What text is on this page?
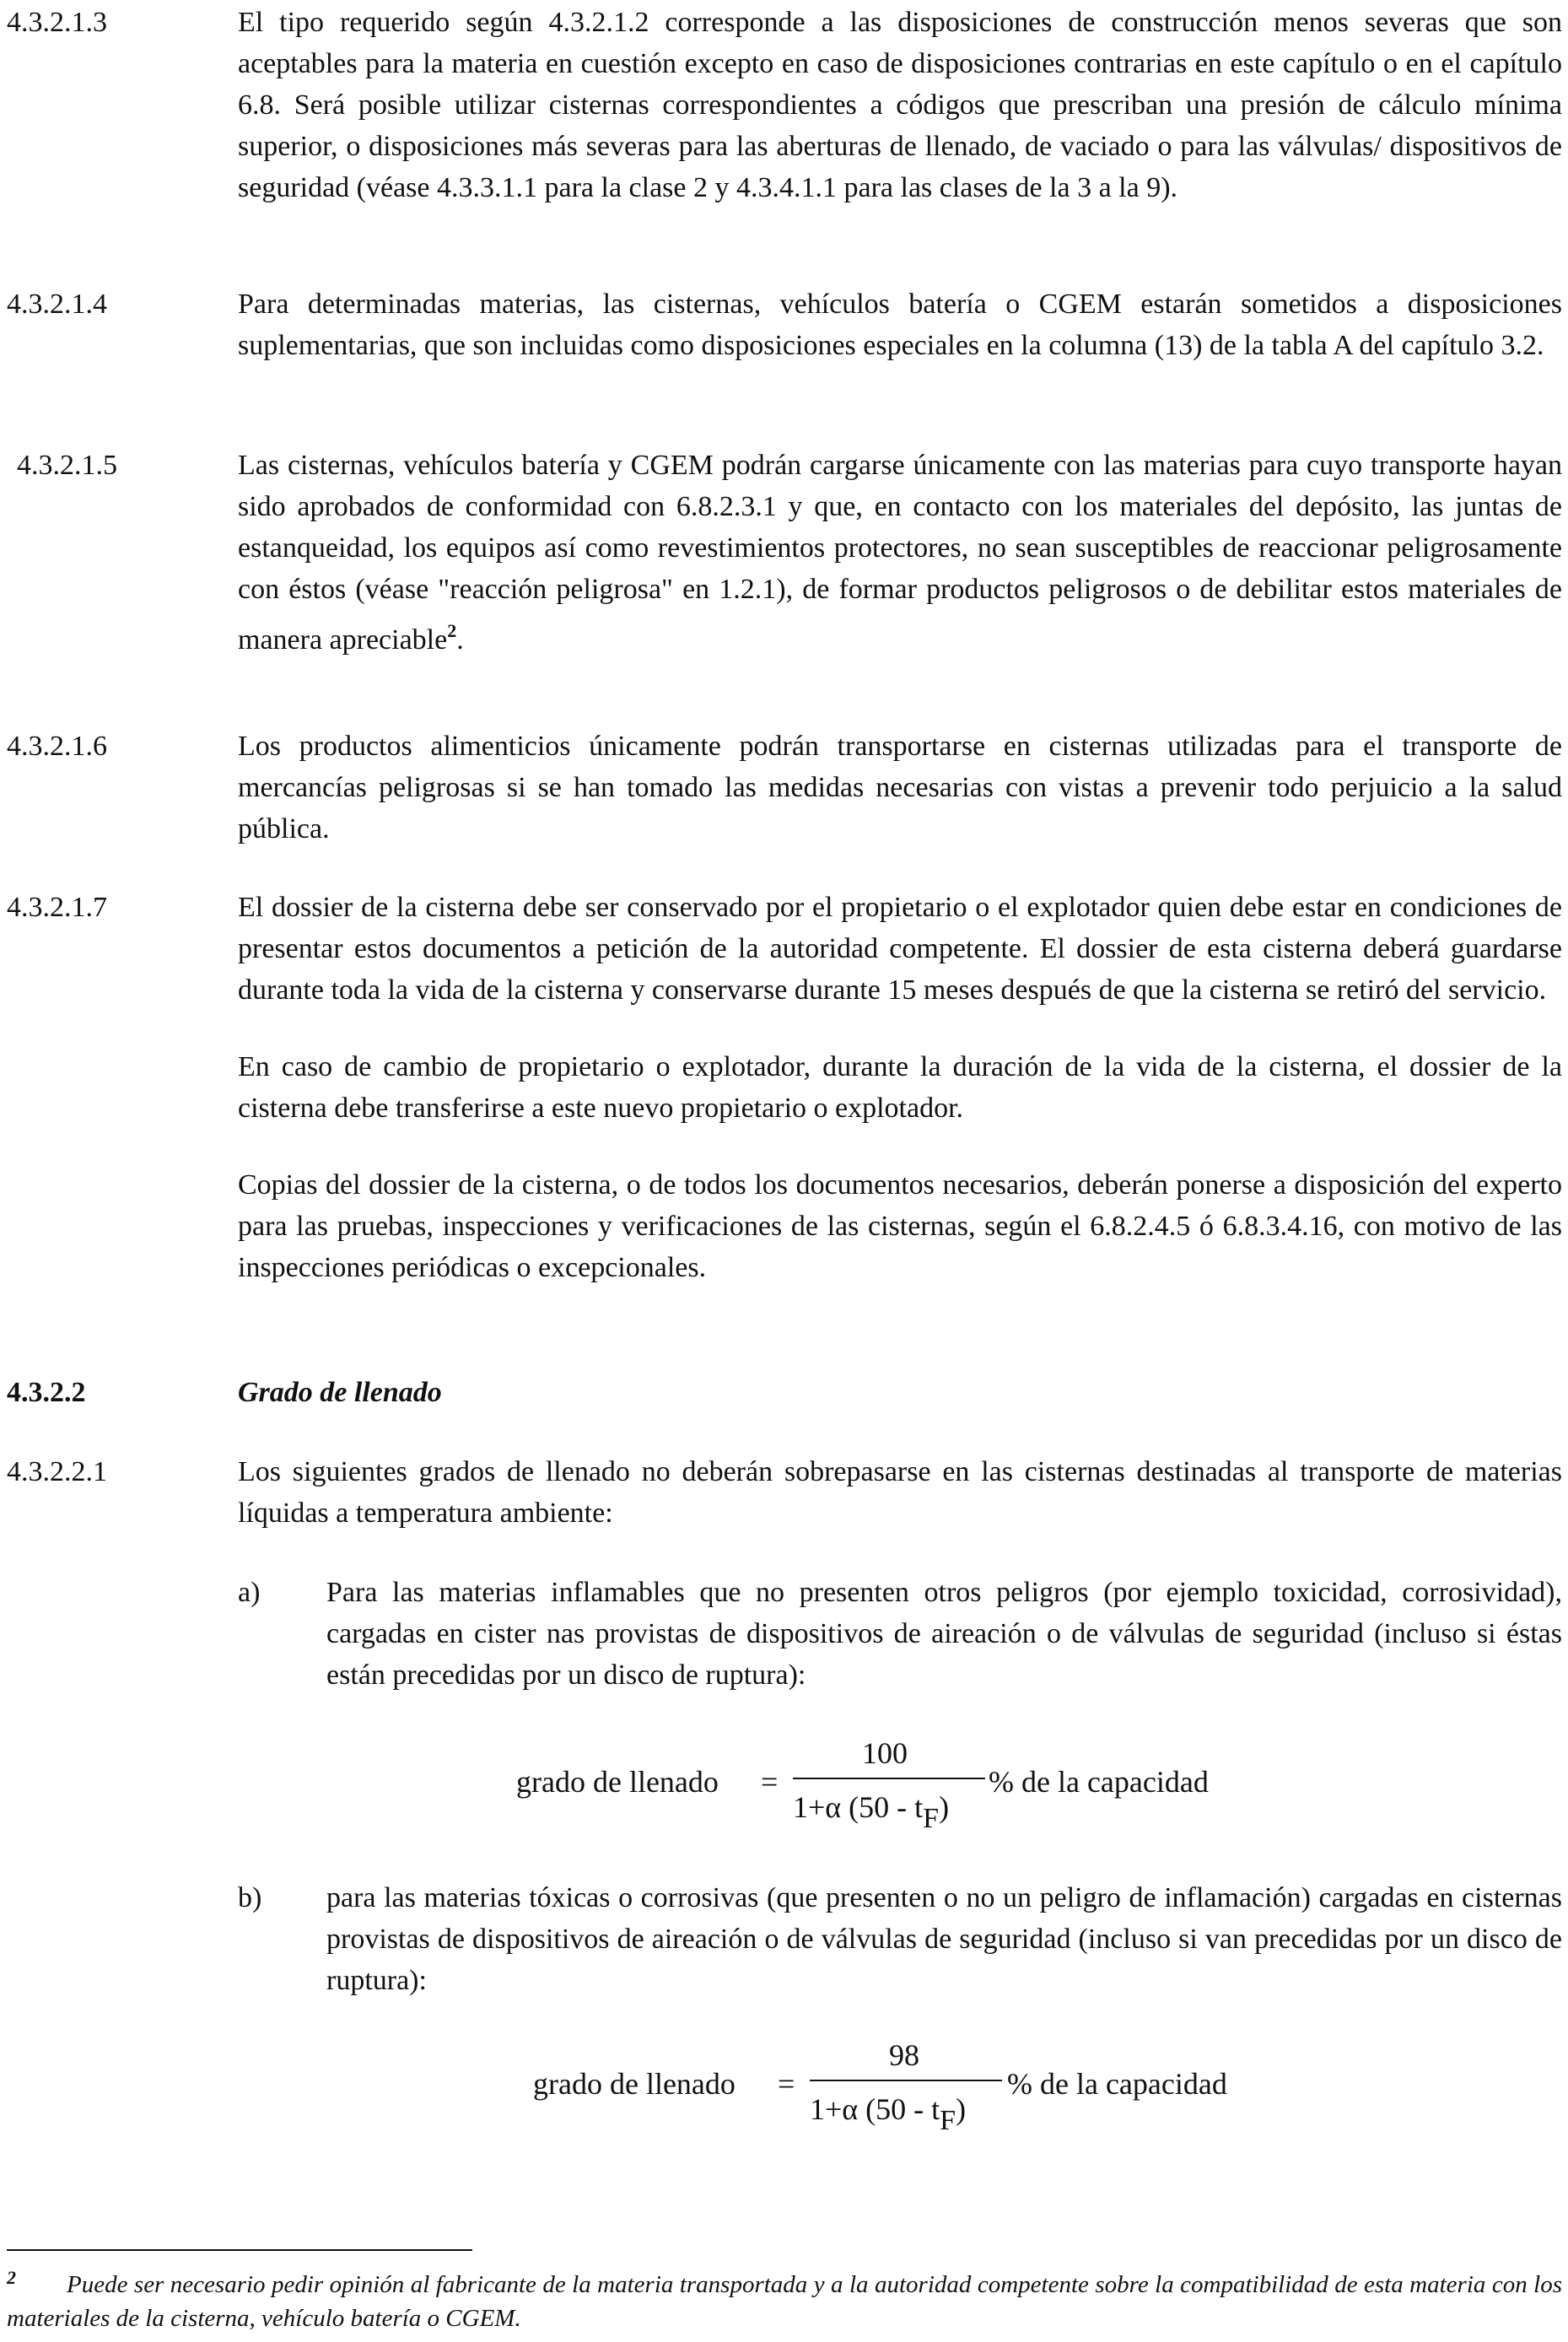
4.3.2.1.3	El tipo requerido según 4.3.2.1.2 corresponde a las disposiciones de construcción menos severas que son aceptables para la materia en cuestión excepto en caso de disposiciones contrarias en este capítulo o en el capítulo 6.8. Será posible utilizar cisternas correspondientes a códigos que prescriban una presión de cálculo mínima superior, o disposiciones más severas para las aberturas de llenado, de vaciado o para las válvulas/ dispositivos de seguridad (véase 4.3.3.1.1 para la clase 2 y 4.3.4.1.1 para las clases de la 3 a la 9).

4.3.2.1.4	Para determinadas materias, las cisternas, vehículos batería o CGEM estarán sometidos a disposiciones suplementarias, que son incluidas como disposiciones especiales en la columna (13) de la tabla A del capítulo 3.2.

4.3.2.1.5	Las cisternas, vehículos batería y CGEM podrán cargarse únicamente con las materias para cuyo transporte hayan sido aprobados de conformidad con 6.8.2.3.1 y que, en contacto con los materiales del depósito, las juntas de estanqueidad, los equipos así como revestimientos protectores, no sean susceptibles de reaccionar peligrosamente con éstos (véase "reacción peligrosa" en 1.2.1), de formar productos peligrosos o de debilitar estos materiales de manera apreciable$^2$.

4.3.2.1.6	Los productos alimenticios únicamente podrán transportarse en cisternas utilizadas para el transporte de mercancías peligrosas si se han tomado las medidas necesarias con vistas a prevenir todo perjuicio a la salud pública.

4.3.2.1.7	El dossier de la cisterna debe ser conservado por el propietario o el explotador quien debe estar en condiciones de presentar estos documentos a petición de la autoridad competente. El dossier de esta cisterna deberá guardarse durante toda la vida de la cisterna y conservarse durante 15 meses después de que la cisterna se retiró del servicio.

En caso de cambio de propietario o explotador, durante la duración de la vida de la cisterna, el dossier de la cisterna debe transferirse a este nuevo propietario o explotador.

Copias del dossier de la cisterna, o de todos los documentos necesarios, deberán ponerse a disposición del experto para las pruebas, inspecciones y verificaciones de las cisternas, según el 6.8.2.4.5 ó 6.8.3.4.16, con motivo de las inspecciones periódicas o excepcionales.

4.3.2.2	Grado de llenado
4.3.2.2.1	Los siguientes grados de llenado no deberán sobrepasarse en las cisternas destinadas al transporte de materias líquidas a temperatura ambiente:

a) Para las materias inflamables que no presenten otros peligros (por ejemplo toxicidad, corrosividad), cargadas en cister nas provistas de dispositivos de aireación o de válvulas de seguridad (incluso si éstas están precedidas por un disco de ruptura):
grado de llenado =
100
1+α (50 - tF)
% de la capacidad
b) para las materias tóxicas o corrosivas (que presenten o no un peligro de inflamación) cargadas en cisternas provistas de dispositivos de aireación o de válvulas de seguridad (incluso si van precedidas por un disco de ruptura):
grado de llenado =
98
1+α (50 - tF)
% de la capacidad
$^2$ Puede ser necesario pedir opinión al fabricante de la materia transportada y a la autoridad competente sobre la compatibilidad de esta materia con los materiales de la cisterna, vehículo batería o CGEM.
